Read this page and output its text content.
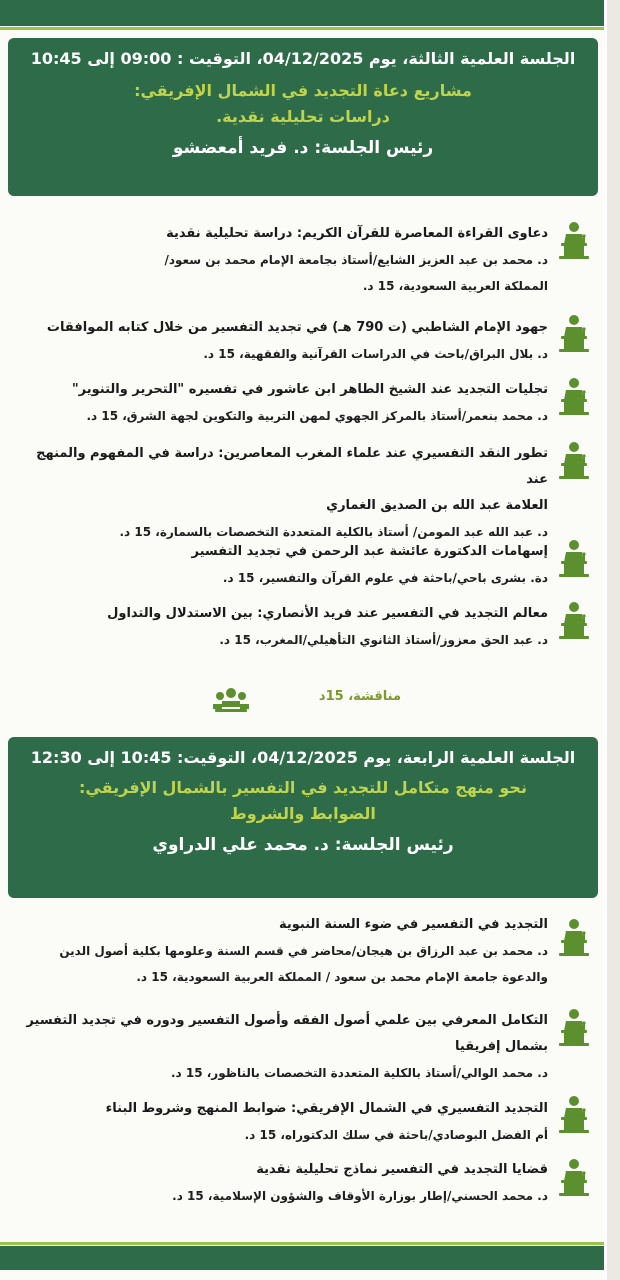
الجلسة العلمية الثالثة، يوم 04/12/2025، التوقيت : 09:00 إلى 10:45
مشاريع دعاة التجديد في الشمال الإفريقي:
دراسات تحليلية نقدية.
رئيس الجلسة: د. فريد أمعضشو
دعاوى القراءة المعاصرة للقرآن الكريم: دراسة تحليلية نقدية
د. محمد بن عبد العزيز الشايع/أستاذ بجامعة الإمام محمد بن سعود/
المملكة العربية السعودية، 15 د.
جهود الإمام الشاطبي (ت 790 هـ) في تجديد التفسير من خلال كتابه الموافقات
د. بلال البراق/باحث في الدراسات القرآنية والفقهية، 15 د.
تجليات التجديد عند الشيخ الطاهر ابن عاشور في تفسيره "التحرير والتنوير"
د. محمد بنعمر/أستاذ بالمركز الجهوي لمهن التربية والتكوين لجهة الشرق، 15 د.
تطور النقد التفسيري عند علماء المغرب المعاصرين: دراسة في المفهوم والمنهج عند
العلامة عبد الله بن الصديق الغماري
د. عبد الله عبد المومن/ أستاذ بالكلية المتعددة التخصصات بالسمارة، 15 د.
إسهامات الدكتورة عائشة عبد الرحمن في تجديد التفسير
دة. بشرى باحي/باحثة في علوم القرآن والتفسير، 15 د.
معالم التجديد في التفسير عند فريد الأنصاري: بين الاستدلال والتداول
د. عبد الحق معزوز/أستاذ الثانوي التأهيلي/المغرب، 15 د.
مناقشة، 15د
الجلسة العلمية الرابعة، يوم 04/12/2025، التوقيت: 10:45 إلى 12:30
نحو منهج متكامل للتجديد في التفسير بالشمال الإفريقي:
الضوابط والشروط
رئيس الجلسة: د. محمد علي الدراوي
التجديد في التفسير في ضوء السنة النبوية
د. محمد بن عبد الرزاق بن هيجان/محاضر في قسم السنة وعلومها بكلية أصول الدين
والدعوة جامعة الإمام محمد بن سعود / المملكة العربية السعودية، 15 د.
التكامل المعرفي بين علمي أصول الفقه وأصول التفسير ودوره في تجديد التفسير
بشمال إفريقيا
د. محمد الوالي/أستاذ بالكلية المتعددة التخصصات بالناظور، 15 د.
التجديد التفسيري في الشمال الإفريقي: ضوابط المنهج وشروط البناء
أم الفضل البوصادي/باحثة في سلك الدكتوراه، 15 د.
قضايا التجديد في التفسير نماذج تحليلية نقدية
د. محمد الحسني/إطار بوزارة الأوقاف والشؤون الإسلامية، 15 د.
